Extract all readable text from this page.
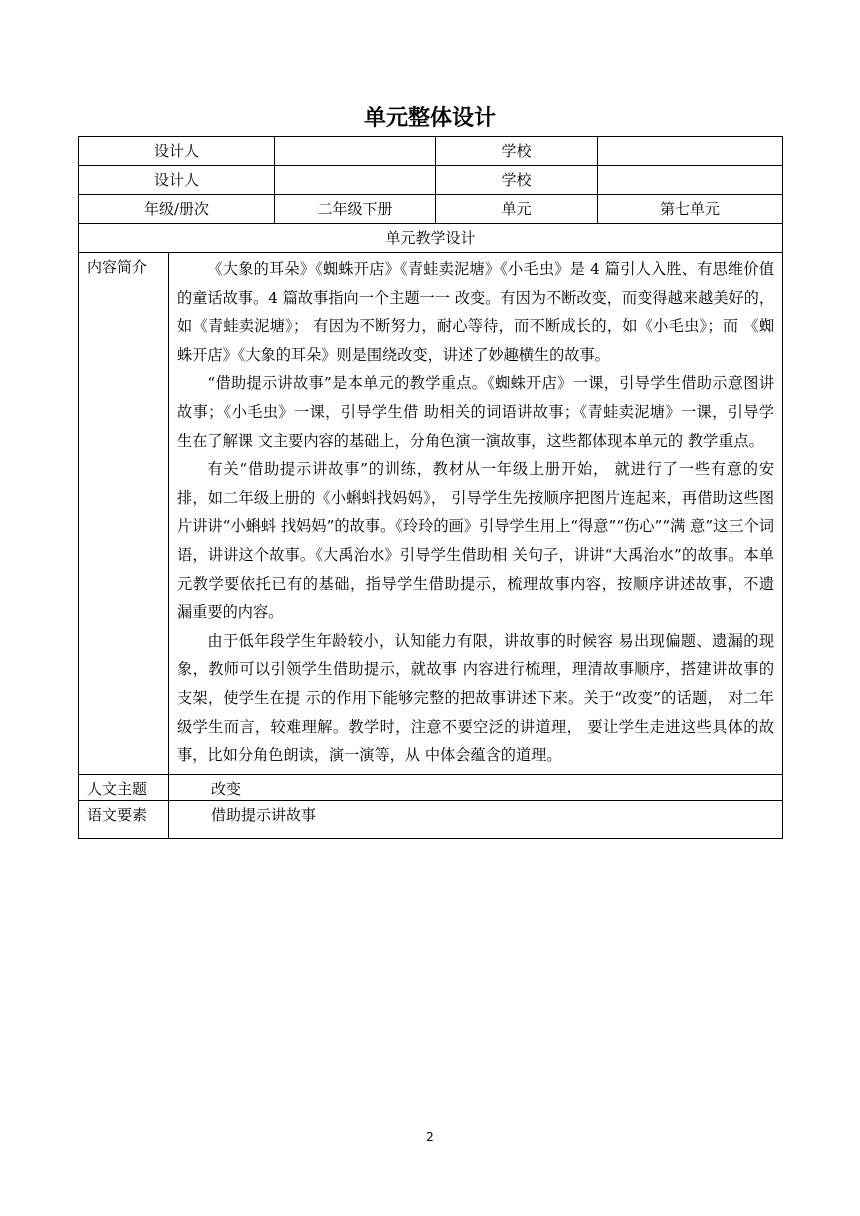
单元整体设计
设计人			学校	
设计人			学校	
年级/册次		二年级下册	单元	第七单元
单元教学设计				
内容简介	《大象的耳朵》《蜘蛛开店》《青蛙卖泥塘》《小毛虫》是 4 篇引人入胜、有思维价值的童话故事。4 篇故事指向一个主题一一 改变。有因为不断改变，而变得越来越美好的，如《青蛙卖泥塘》； 有因为不断努力，耐心等待，而不断成长的，如《小毛虫》；而 《蜘蛛开店》《大象的耳朵》则是围绕改变，讲述了妙趣横生的故事。

“借助提示讲故事”是本单元的教学重点。《蜘蛛开店》一课，引导学生借助示意图讲故事；《小毛虫》一课，引导学生借 助相关的词语讲故事；《青蛙卖泥塘》一课，引导学生在了解课 文主要内容的基础上，分角色演一演故事，这些都体现本单元的 教学重点。

有关“借助提示讲故事”的训练，教材从一年级上册开始， 就进行了一些有意的安排，如二年级上册的《小蝌蚪找妈妈》， 引导学生先按顺序把图片连起来，再借助这些图片讲讲“小蝌蚪 找妈妈”的故事。《玲玲的画》引导学生用上“得意”“伤心”“满 意”这三个词语，讲讲这个故事。《大禹治水》引导学生借助相 关句子，讲讲“大禹治水”的故事。本单元教学要依托已有的基础，指导学生借助提示，梳理故事内容，按顺序讲述故事，不遗 漏重要的内容。

由于低年段学生年龄较小，认知能力有限，讲故事的时候容 易出现偏题、遗漏的现象，教师可以引领学生借助提示，就故事 内容进行梳理，理清故事顺序，搭建讲故事的支架，使学生在提 示的作用下能够完整的把故事讲述下来。关于“改变”的话题， 对二年级学生而言，较难理解。教学时，注意不要空泛的讲道理， 要让学生走进这些具体的故事，比如分角色朗读，演一演等，从 中体会蕴含的道理。			

人文主题	改变			
语文要素	借助提示讲故事			
2
